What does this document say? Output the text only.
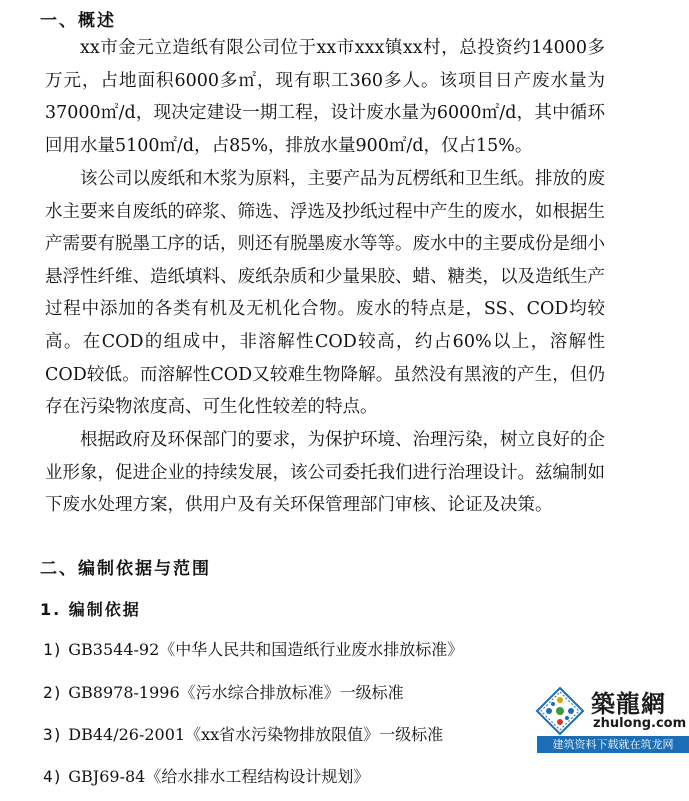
一、概述

xx市金元立造纸有限公司位于xx市xxx镇xx村，总投资约14000多万元，占地面积6000多㎡，现有职工360多人。该项目日产废水量为37000㎡/d，现决定建设一期工程，设计废水量为6000㎡/d，其中循环回用水量5100㎡/d，占85%，排放水量900㎡/d，仅占15%。

该公司以废纸和木浆为原料，主要产品为瓦楞纸和卫生纸。排放的废水主要来自废纸的碎浆、筛选、浮选及抄纸过程中产生的废水，如根据生产需要有脱墨工序的话，则还有脱墨废水等等。废水中的主要成份是细小悬浮性纤维、造纸填料、废纸杂质和少量果胶、蜡、糖类，以及造纸生产过程中添加的各类有机及无机化合物。废水的特点是，SS、COD均较高。在COD的组成中，非溶解性COD较高，约占60%以上，溶解性COD较低。而溶解性COD又较难生物降解。虽然没有黑液的产生，但仍存在污染物浓度高、可生化性较差的特点。

根据政府及环保部门的要求，为保护环境、治理污染，树立良好的企业形象，促进企业的持续发展，该公司委托我们进行治理设计。兹编制如下废水处理方案，供用户及有关环保管理部门审核、论证及决策。

二、编制依据与范围
1. 编制依据
1) GB3544-92《中华人民共和国造纸行业废水排放标准》
2) GB8978-1996《污水综合排放标准》一级标准
3) DB44/26-2001《xx省水污染物排放限值》一级标准
4) GBJ69-84《给水排水工程结构设计规划》
築龍網
zhulong.com
建筑资料下载就在筑龙网
